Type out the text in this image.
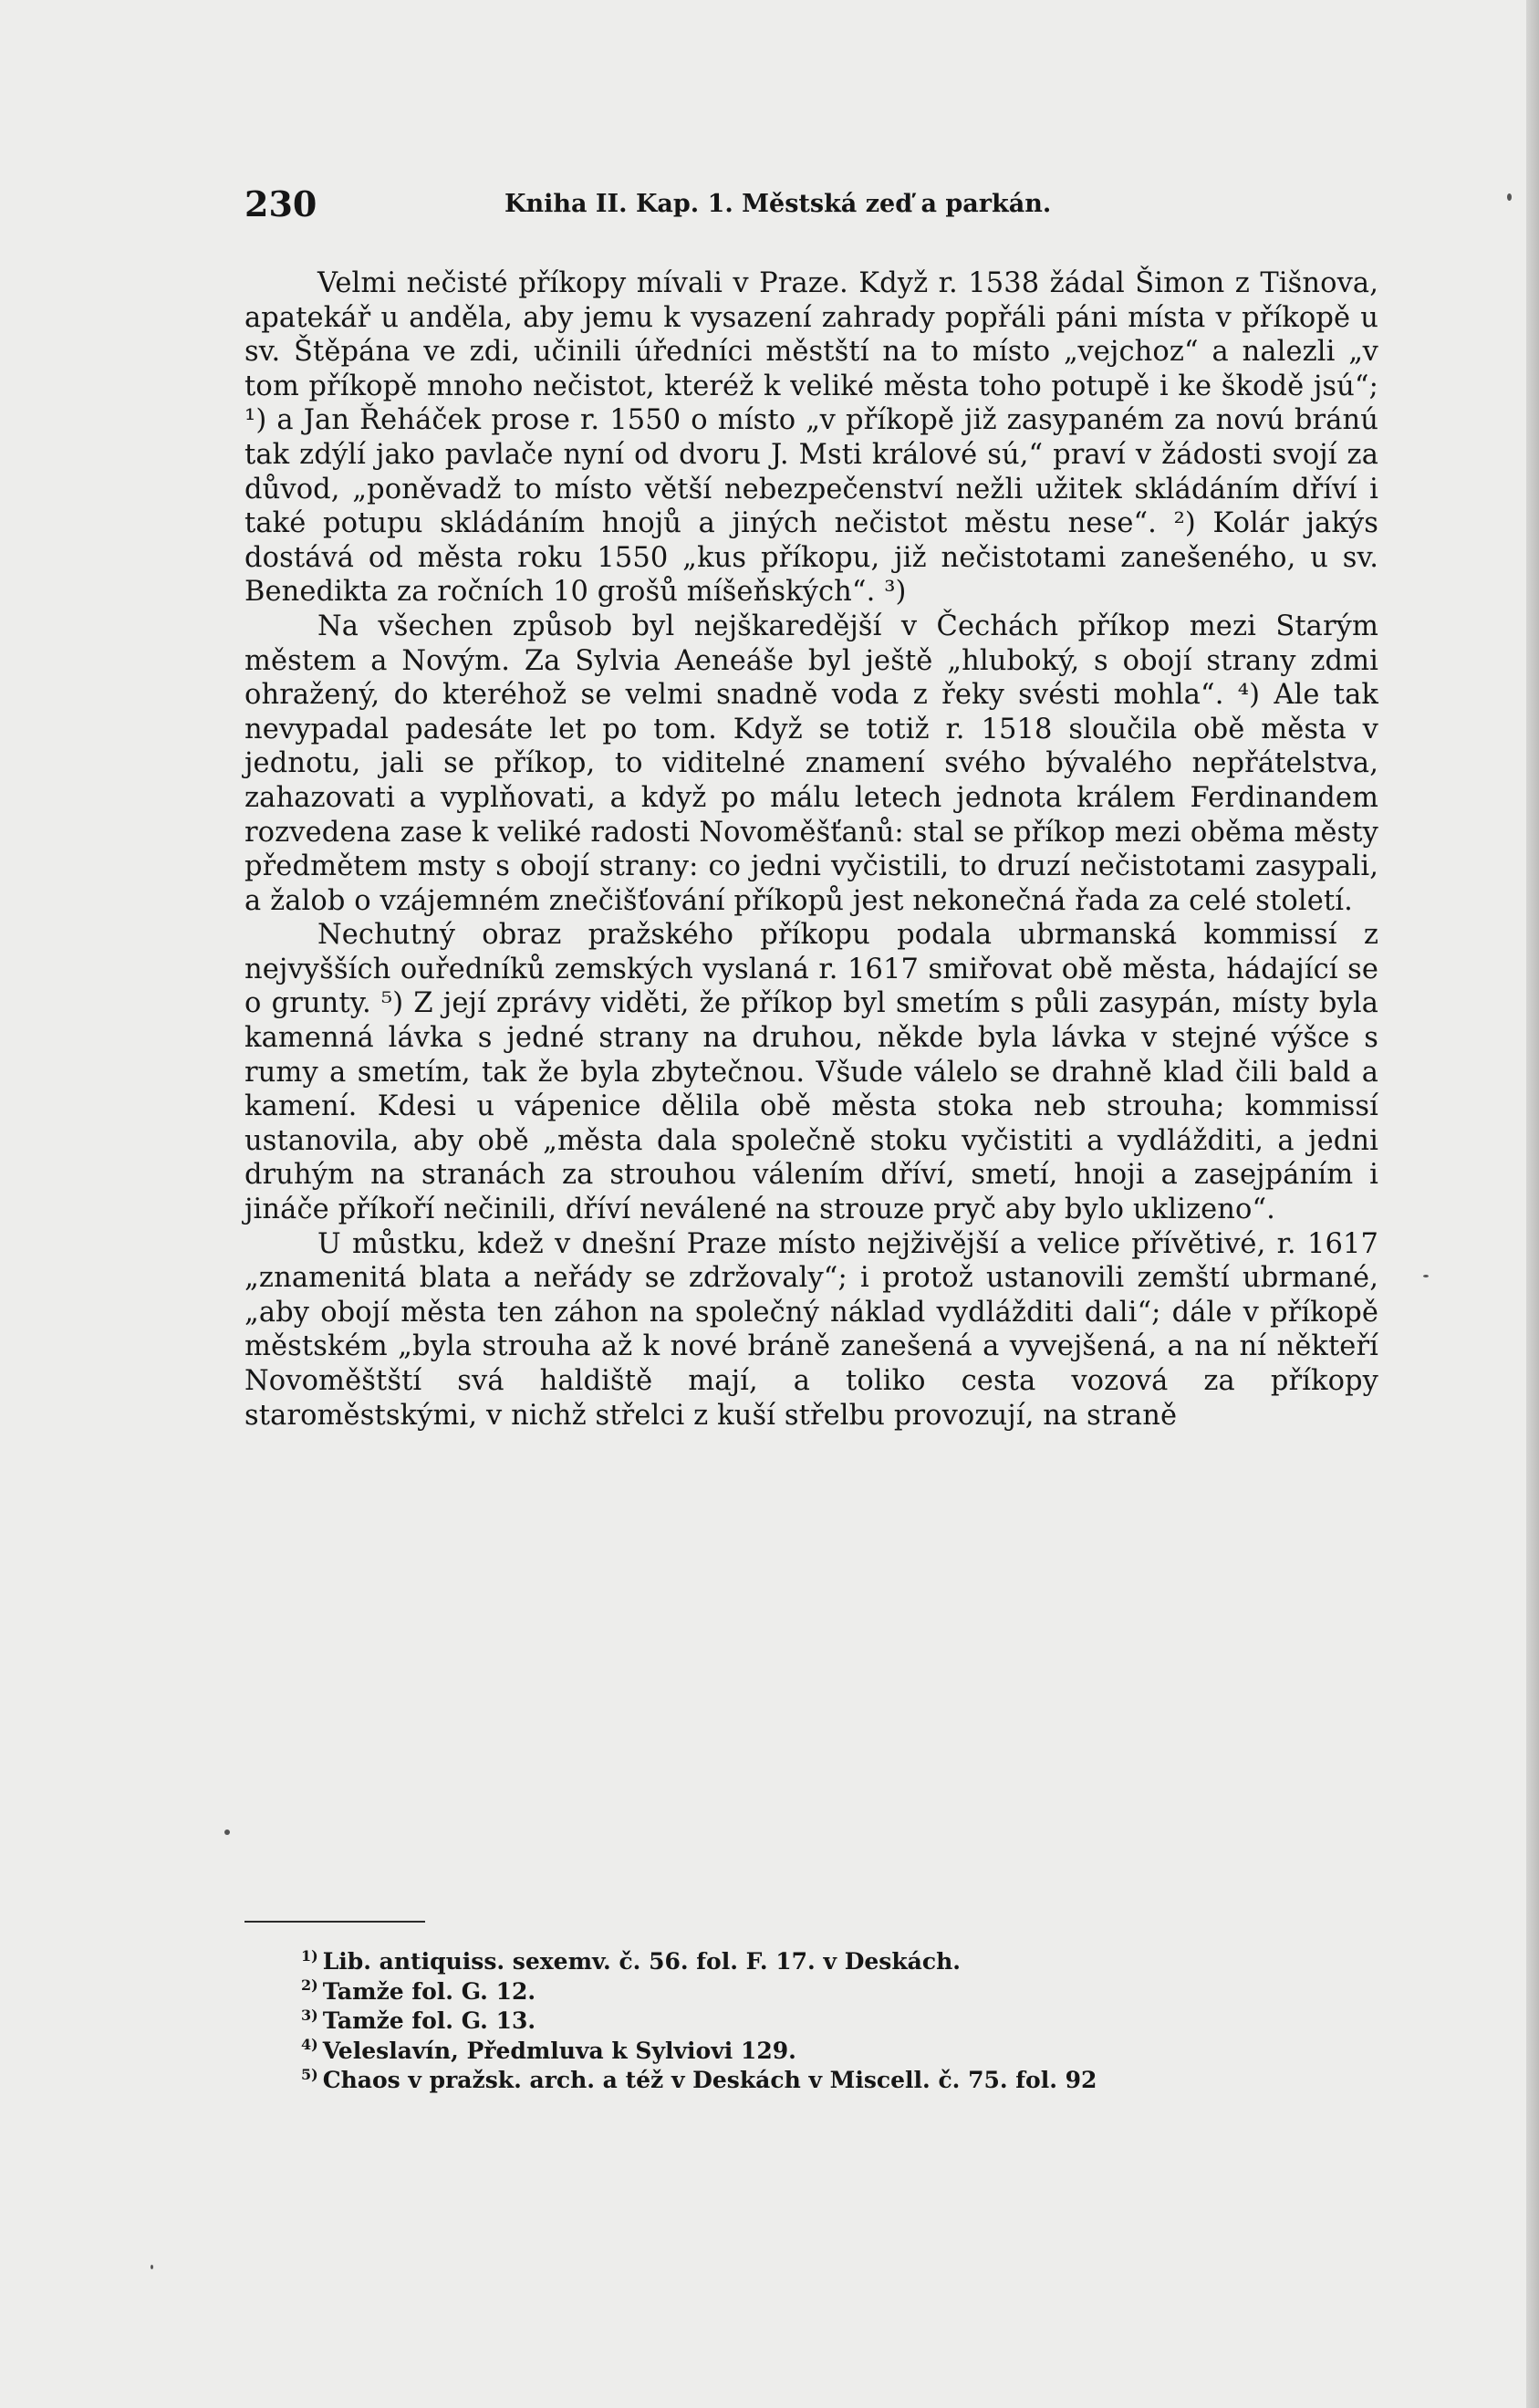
230	Kniha II. Kap. 1. Městská zeď a parkán.

Velmi nečisté příkopy mívali v Praze. Když r. 1538 žádal Šimon z Tišnova, apatekář u anděla, aby jemu k vysazení zahrady popřáli páni místa v příkopě u sv. Štěpána ve zdi, učinili úředníci městští na to místo „vejchoz“ a nalezli „v tom příkopě mnoho nečistot, kteréž k veliké města toho potupě i ke škodě jsú“; ¹) a Jan Řeháček prose r. 1550 o místo „v příkopě již zasypaném za novú bránú tak zdýlí jako pavlače nyní od dvoru J. Msti králové sú,“ praví v žádosti svojí za důvod, „poněvadž to místo větší nebezpečenství nežli užitek skládáním dříví i také potupu skládáním hnojů a jiných nečistot městu nese“. ²) Kolár jakýs dostává od města roku 1550 „kus příkopu, již nečistotami zanešeného, u sv. Benedikta za ročních 10 grošů míšeňských“. ³)

Na všechen způsob byl nejškaredější v Čechách příkop mezi Starým městem a Novým. Za Sylvia Aeneáše byl ještě „hluboký, s obojí strany zdmi ohražený, do kteréhož se velmi snadně voda z řeky svésti mohla“. ⁴) Ale tak nevypadal padesáte let po tom. Když se totiž r. 1518 sloučila obě města v jednotu, jali se příkop, to viditelné znamení svého bývalého nepřátelstva, zahazovati a vyplňovati, a když po málu letech jednota králem Ferdinandem rozvedena zase k veliké radosti Novoměšťanů: stal se příkop mezi oběma městy předmětem msty s obojí strany: co jedni vyčistili, to druzí nečistotami zasypali, a žalob o vzájemném znečišťování příkopů jest nekonečná řada za celé století.

Nechutný obraz pražského příkopu podala ubrmanská kommissí z nejvyšších ouředníků zemských vyslaná r. 1617 smiřovat obě města, hádající se o grunty. ⁵) Z její zprávy viděti, že příkop byl smetím s půli zasypán, místy byla kamenná lávka s jedné strany na druhou, někde byla lávka v stejné výšce s rumy a smetím, tak že byla zbytečnou. Všude válelo se drahně klad čili bald a kamení. Kdesi u vápenice dělila obě města stoka neb strouha; kommissí ustanovila, aby obě „města dala společně stoku vyčistiti a vydlážditi, a jedni druhým na stranách za strouhou válením dříví, smetí, hnoji a zasejpáním i jináče příkoří nečinili, dříví neválené na strouze pryč aby bylo uklizeno“.

U můstku, kdež v dnešní Praze místo nejživější a velice přívětivé, r. 1617 „znamenitá blata a neřády se zdržovaly“; i protož ustanovili zemští ubrmané, „aby obojí města ten záhon na společný náklad vydlážditi dali“; dále v příkopě městském „byla strouha až k nové bráně zanešená a vyvejšená, a na ní někteří Novoměštští svá haldiště mají, a toliko cesta vozová za příkopy staroměstskými, v nichž střelci z kuší střelbu provozují, na straně

$^{1)}$ Lib. antiquiss. sexemv. č. 56. fol. F. 17. v Deskách.

$^{2)}$ Tamže fol. G. 12.

$^{3)}$ Tamže fol. G. 13.

$^{4)}$ Veleslavín, Předmluva k Sylviovi 129.

$^{5)}$ Chaos v pražsk. arch. a též v Deskách v Miscell. č. 75. fol. 92
